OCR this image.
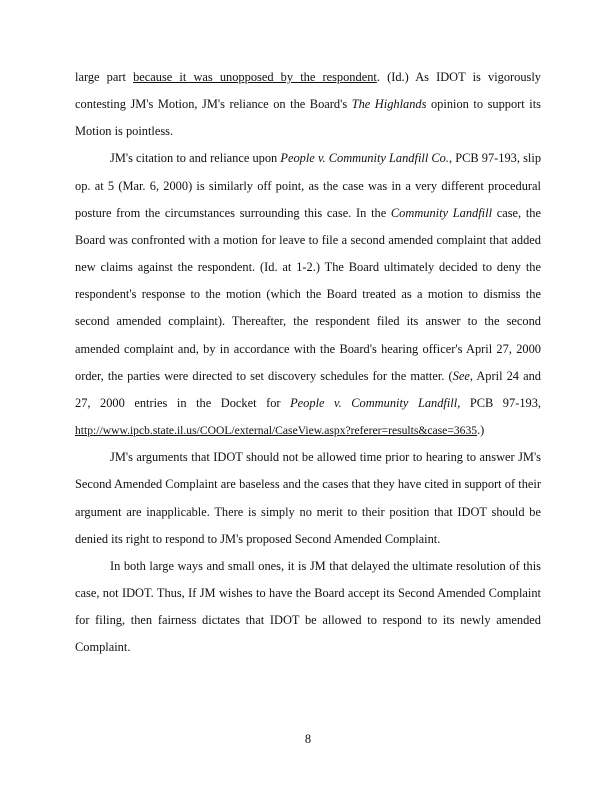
large part because it was unopposed by the respondent. (Id.) As IDOT is vigorously contesting JM's Motion, JM's reliance on the Board's The Highlands opinion to support its Motion is pointless.

JM's citation to and reliance upon People v. Community Landfill Co., PCB 97-193, slip op. at 5 (Mar. 6, 2000) is similarly off point, as the case was in a very different procedural posture from the circumstances surrounding this case. In the Community Landfill case, the Board was confronted with a motion for leave to file a second amended complaint that added new claims against the respondent. (Id. at 1-2.) The Board ultimately decided to deny the respondent's response to the motion (which the Board treated as a motion to dismiss the second amended complaint). Thereafter, the respondent filed its answer to the second amended complaint and, by in accordance with the Board's hearing officer's April 27, 2000 order, the parties were directed to set discovery schedules for the matter. (See, April 24 and 27, 2000 entries in the Docket for People v. Community Landfill, PCB 97-193, http://www.ipcb.state.il.us/COOL/external/CaseView.aspx?referer=results&case=3635.)

JM's arguments that IDOT should not be allowed time prior to hearing to answer JM's Second Amended Complaint are baseless and the cases that they have cited in support of their argument are inapplicable. There is simply no merit to their position that IDOT should be denied its right to respond to JM's proposed Second Amended Complaint.

In both large ways and small ones, it is JM that delayed the ultimate resolution of this case, not IDOT. Thus, If JM wishes to have the Board accept its Second Amended Complaint for filing, then fairness dictates that IDOT be allowed to respond to its newly amended Complaint.

8
